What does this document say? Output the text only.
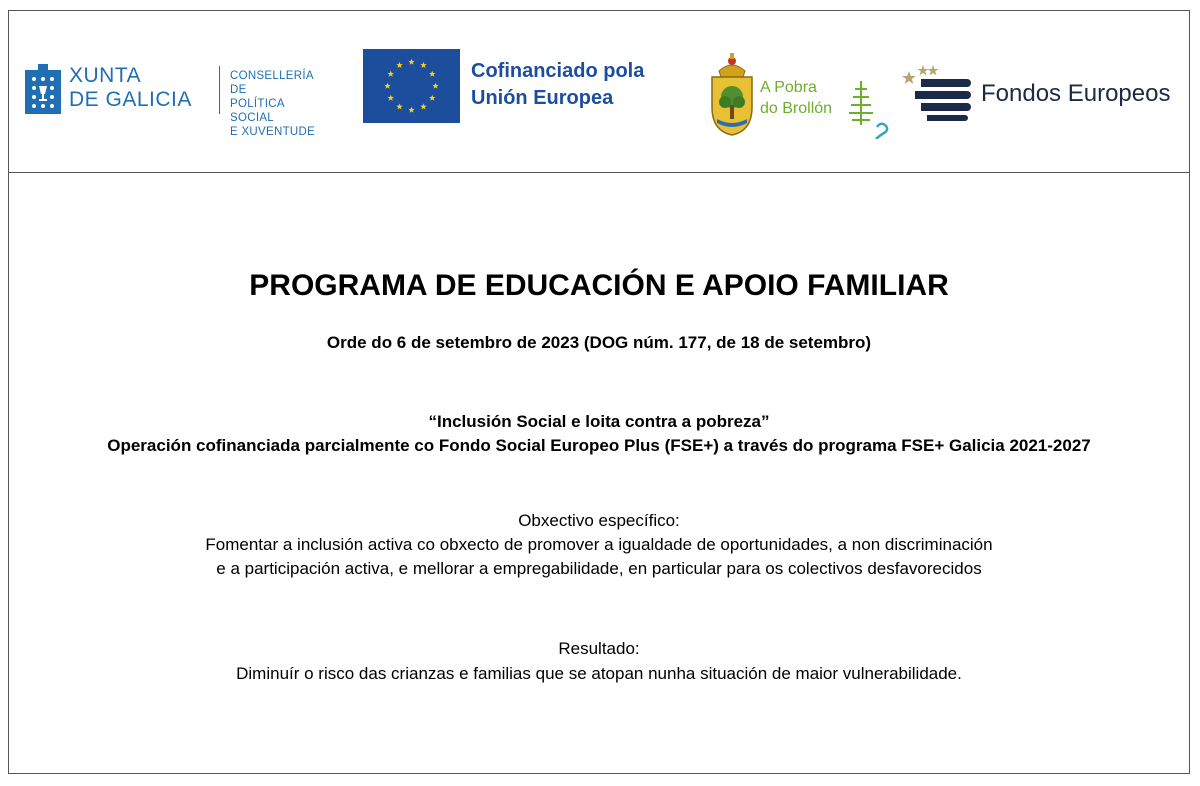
XUNTA
DE GALICIA
CONSELLERÍA DE
POLÍTICA SOCIAL
E XUVENTUDE
Cofinanciado pola
Unión Europea	A Pobra
do Brollón
Fondos Europeos
PROGRAMA DE EDUCACIÓN E APOIO FAMILIAR

Orde do 6 de setembro de 2023 (DOG núm. 177, de 18 de setembro)

“Inclusión Social e loita contra a pobreza”
Operación cofinanciada parcialmente co Fondo Social Europeo Plus (FSE+) a través do programa FSE+ Galicia 2021-2027
Obxectivo específico:
Fomentar a inclusión activa co obxecto de promover a igualdade de oportunidades, a non discriminación
e a participación activa, e mellorar a empregabilidade, en particular para os colectivos desfavorecidos
Resultado:
Diminuír o risco das crianzas e familias que se atopan nunha situación de maior vulnerabilidade.
